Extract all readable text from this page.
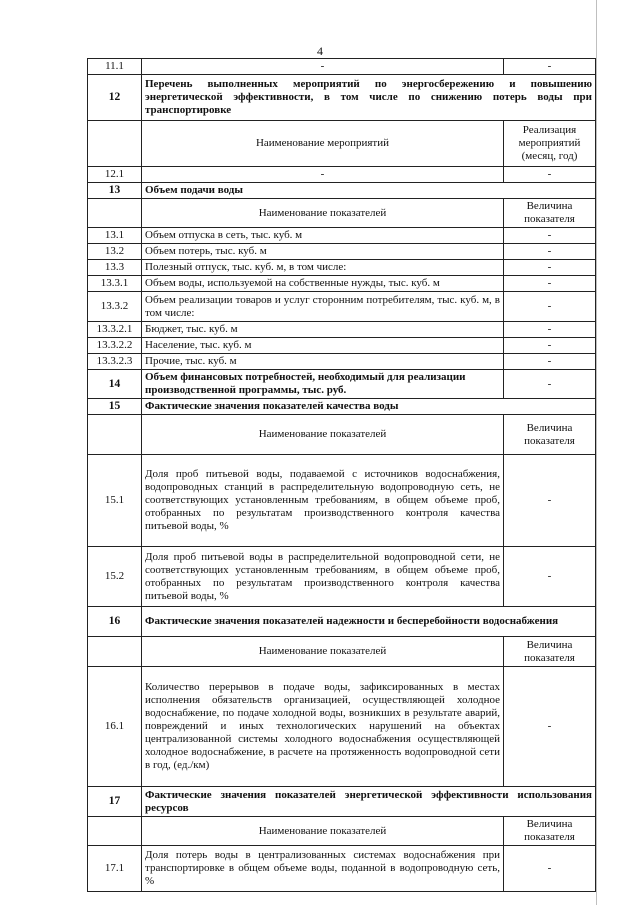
4
11.1	-	-
12	Перечень выполненных мероприятий по энергосбережению и повышению энергетической эффективности, в том числе по снижению потерь воды при транспортировке	
	Наименование мероприятий	Реализация мероприятий (месяц, год)
12.1	-	-
13	Объем подачи воды	
	Наименование показателей	Величина показателя
13.1	Объем отпуска в сеть, тыс. куб. м	-
13.2	Объем потерь, тыс. куб. м	-
13.3	Полезный отпуск, тыс. куб. м, в том числе:	-
13.3.1	Объем воды, используемой на собственные нужды, тыс. куб. м	-
13.3.2	Объем реализации товаров и услуг сторонним потребителям, тыс. куб. м, в том числе:	-
13.3.2.1	Бюджет, тыс. куб. м	-
13.3.2.2	Население, тыс. куб. м	-
13.3.2.3	Прочие, тыс. куб. м	-
14	Объем финансовых потребностей, необходимый для реализации производственной программы, тыс. руб.	-
15	Фактические значения показателей качества воды	
	Наименование показателей	Величина показателя
15.1	Доля проб питьевой воды, подаваемой с источников водоснабжения, водопроводных станций в распределительную водопроводную сеть, не соответствующих установленным требованиям, в общем объеме проб, отобранных по результатам производственного контроля качества питьевой воды, %	-
15.2	Доля проб питьевой воды в распределительной водопроводной сети, не соответствующих установленным требованиям, в общем объеме проб, отобранных по результатам производственного контроля качества питьевой воды, %	-
16	Фактические значения показателей надежности и бесперебойности водоснабжения	
	Наименование показателей	Величина показателя
16.1	Количество перерывов в подаче воды, зафиксированных в местах исполнения обязательств организацией, осуществляющей холодное водоснабжение, по подаче холодной воды, возникших в результате аварий, повреждений и иных технологических нарушений на объектах централизованной системы холодного водоснабжения осуществляющей холодное водоснабжение, в расчете на протяженность водопроводной сети в год, (ед./км)	-
17	Фактические значения показателей энергетической эффективности использования ресурсов	
	Наименование показателей	Величина показателя
17.1	Доля потерь воды в централизованных системах водоснабжения при транспортировке в общем объеме воды, поданной в водопроводную сеть, %	-
